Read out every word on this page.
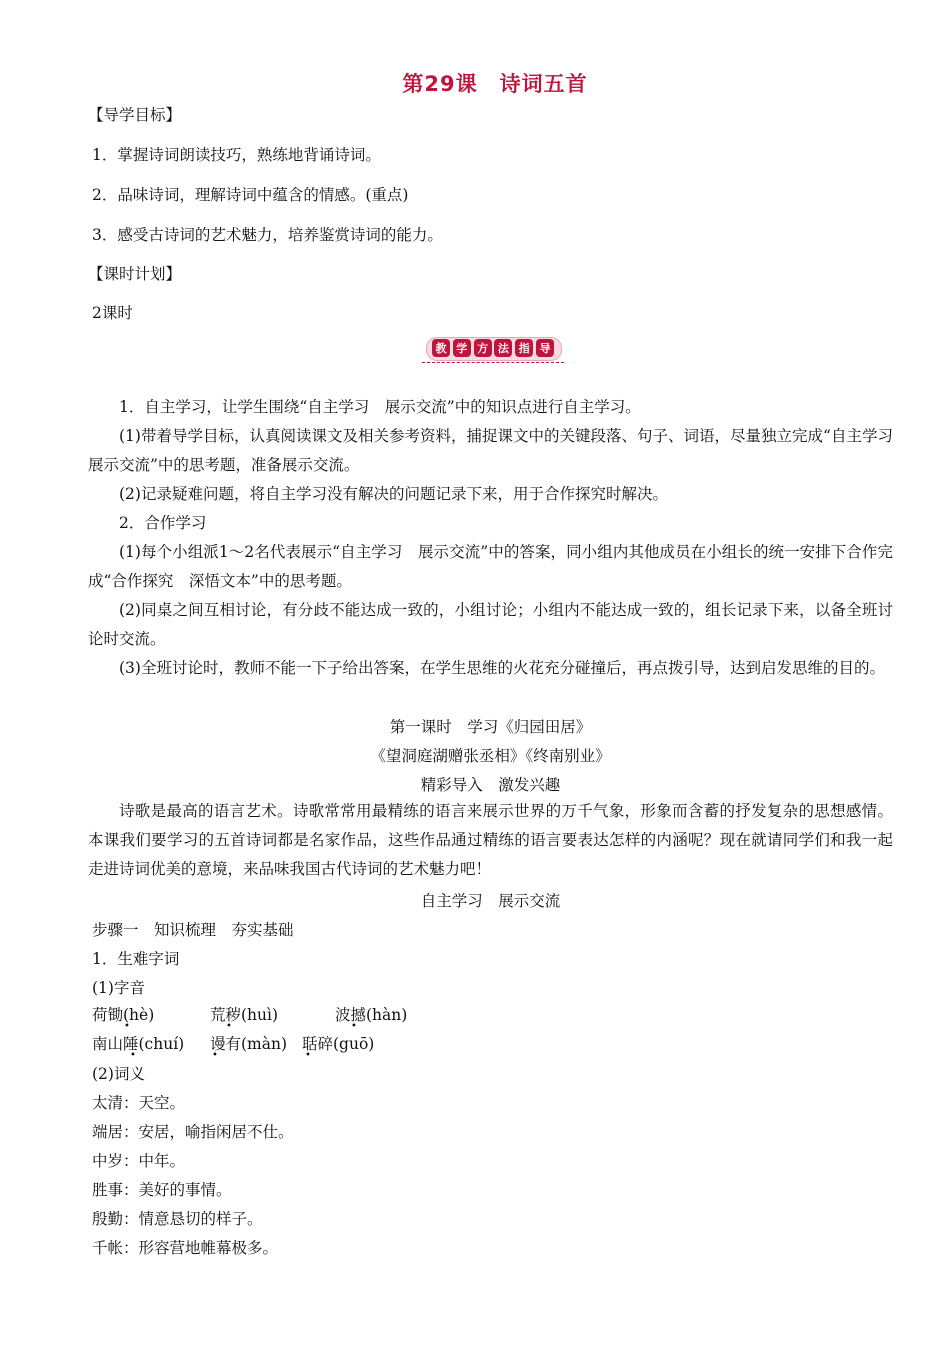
第29课　诗词五首
【导学目标】
1．掌握诗词朗读技巧，熟练地背诵诗词。
2．品味诗词，理解诗词中蕴含的情感。(重点)
3．感受古诗词的艺术魅力，培养鉴赏诗词的能力。
【课时计划】
2课时
教 学 方 法 指 导
1．自主学习，让学生围绕“自主学习　展示交流”中的知识点进行自主学习。
(1)带着导学目标，认真阅读课文及相关参考资料，捕捉课文中的关键段落、句子、词语，尽量独立完成“自主学习　展示交流”中的思考题，准备展示交流。
(2)记录疑难问题，将自主学习没有解决的问题记录下来，用于合作探究时解决。
2．合作学习
(1)每个小组派1～2名代表展示“自主学习　展示交流”中的答案，同小组内其他成员在小组长的统一安排下合作完成“合作探究　深悟文本”中的思考题。
(2)同桌之间互相讨论，有分歧不能达成一致的，小组讨论；小组内不能达成一致的，组长记录下来，以备全班讨论时交流。
(3)全班讨论时，教师不能一下子给出答案，在学生思维的火花充分碰撞后，再点拨引导，达到启发思维的目的。
第一课时　学习《归园田居》
《望洞庭湖赠张丞相》《终南别业》
精彩导入　激发兴趣
诗歌是最高的语言艺术。诗歌常常用最精练的语言来展示世界的万千气象，形象而含蓄的抒发复杂的思想感情。本课我们要学习的五首诗词都是名家作品，这些作品通过精练的语言要表达怎样的内涵呢？现在就请同学们和我一起走进诗词优美的意境，来品味我国古代诗词的艺术魅力吧！
自主学习　展示交流
步骤一　知识梳理　夯实基础
1．生难字词
(1)字音
荷锄(hè)	荒秽(huì)	波撼(hàn)
南山陲(chuí) 谩有(màn) 聒碎(guō)
•	•	•
•	•	•
(2)词义
太清：天空。
端居：安居，喻指闲居不仕。
中岁：中年。
胜事：美好的事情。
殷勤：情意恳切的样子。
千帐：形容营地帷幕极多。
